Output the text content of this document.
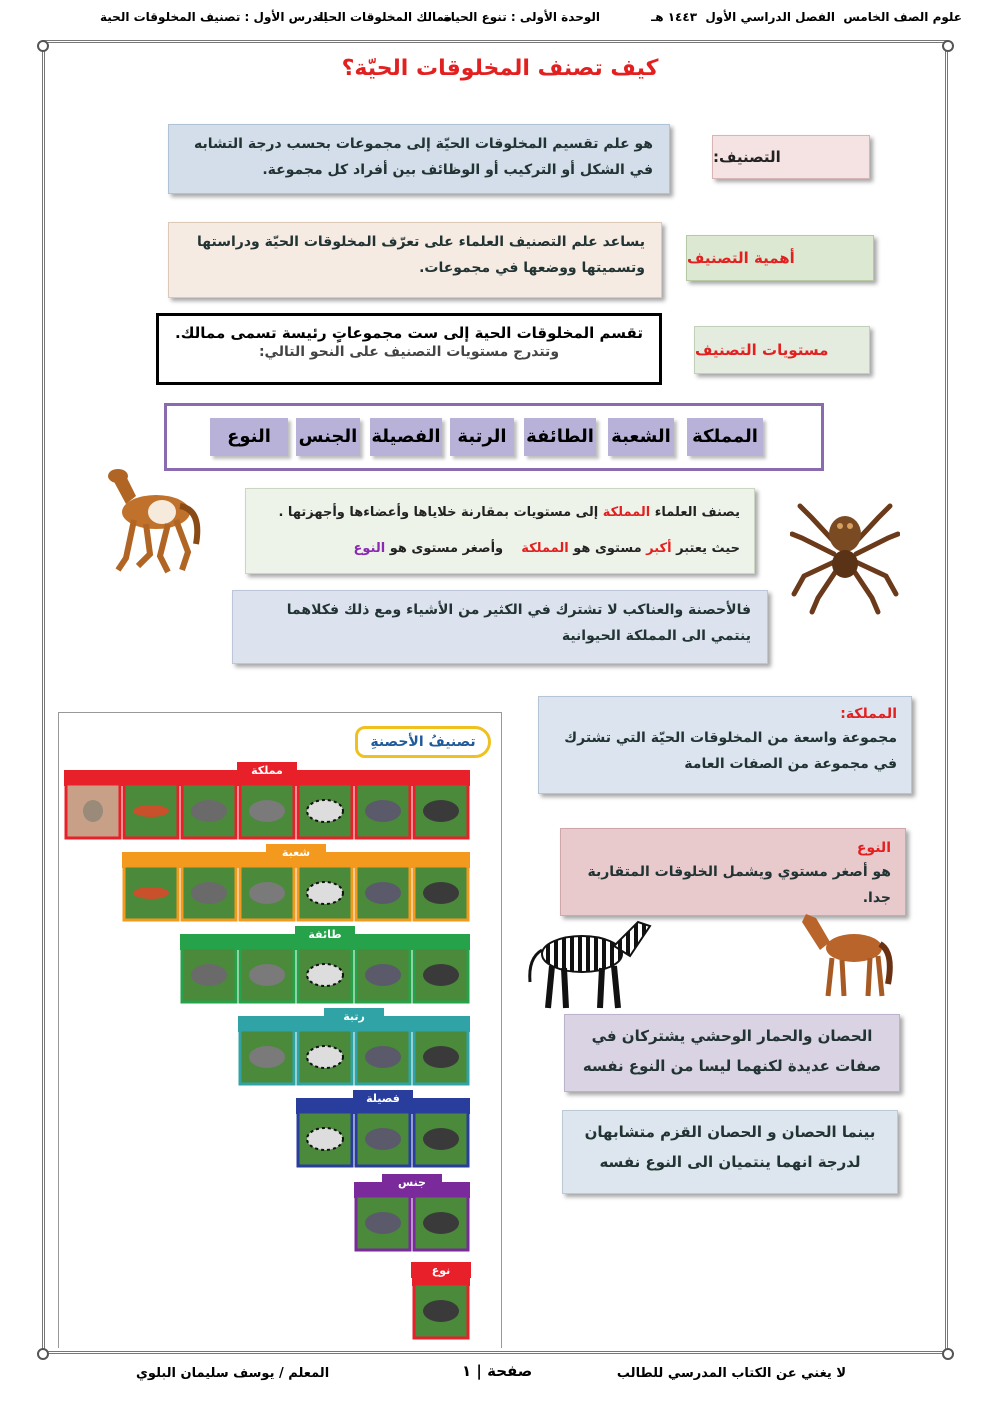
علوم الصف الخامس  الفصل الدراسي الأول  ١٤٤٣ هـ
الوحدة الأولى : تنوع الحياة
ممالك المخلوقات الحية
الدرس الأول : تصنيف المخلوقات الحية
كيف تصنف المخلوقات الحيّة؟
التصنيف:
هو علم تقسيم المخلوقات الحيّة إلى مجموعات بحسب درجة التشابه في الشكل أو التركيب أو الوظائف بين أفراد كل مجموعة.
أهمية التصنيف
يساعد علم التصنيف العلماء على تعرّف المخلوقات الحيّة ودراستها وتسميتها ووضعها في مجموعات.
مستويات التصنيف
تقسم المخلوقات الحية إلى ست مجموعاتٍ رئيسة تسمى ممالك.
وتتدرج مستويات التصنيف على النحو التالي:
المملكة
الشعبة
الطائفة
الرتبة
الفصيلة
الجنس
النوع
يصنف العلماء المملكة إلى مستويات بمقارنة خلاياها وأعضاءها وأجهزتها .
حيث يعتبر أكبر مستوى هو المملكة    وأصغر مستوى هو النوع
فالأحصنة والعناكب لا تشترك في الكثير من الأشياء ومع ذلك فكلاهما ينتمي الى المملكة الحيوانية
المملكة:
مجموعة واسعة من المخلوقات الحيّة التي تشترك في مجموعة من الصفات العامة
النوع
هو أصغر مستوي ويشمل الخلوقات المتقاربة جدا.
الحصان والحمار الوحشي يشتركان في صفات عديدة لكنهما ليسا من النوع نفسه
بينما الحصان و الحصان القزم متشابهان لدرجة انهما ينتميان الى النوع نفسه
تصنيفُ الأحصنةِ
مملكة
شعبة
طائفة
رتبة
فصيلة
جنس
نوع
لا يغني عن الكتاب المدرسي للطالب
صفحة | ١
المعلم / يوسف سليمان البلوي
